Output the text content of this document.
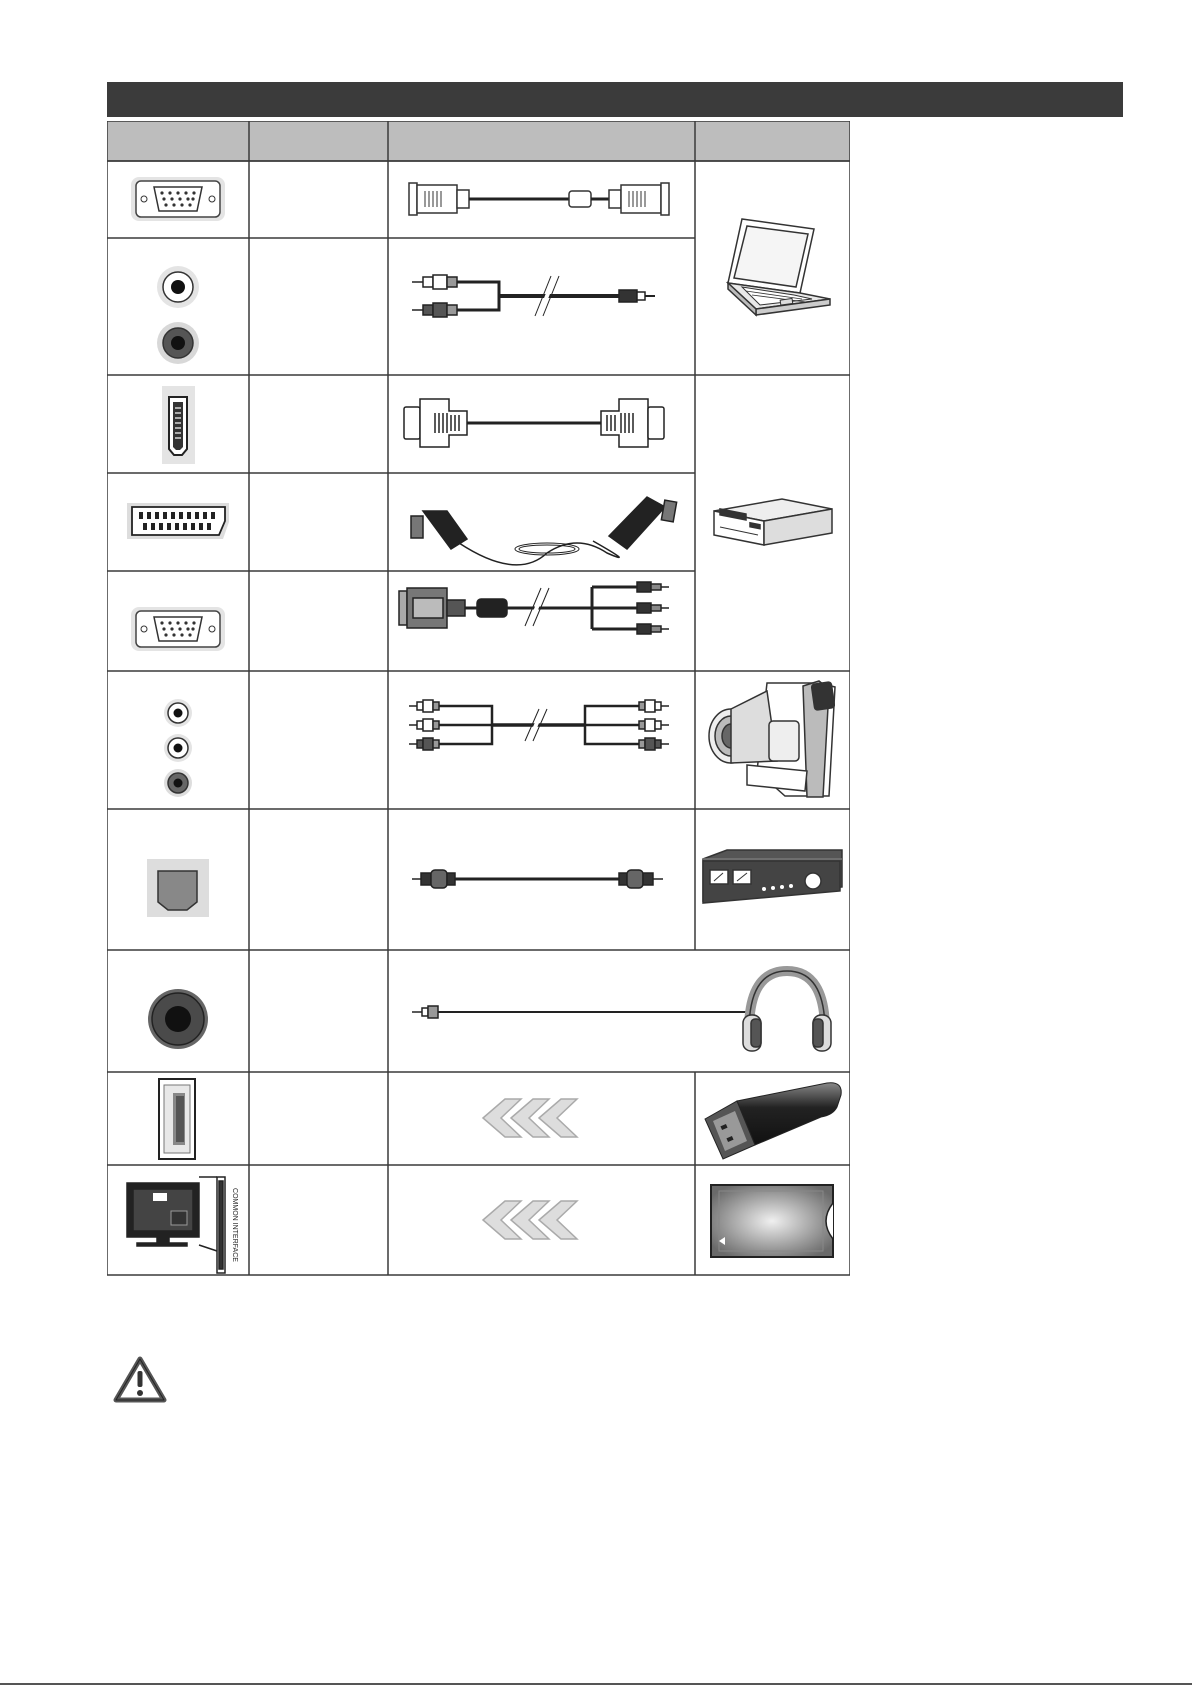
COMMON INTERFACE
